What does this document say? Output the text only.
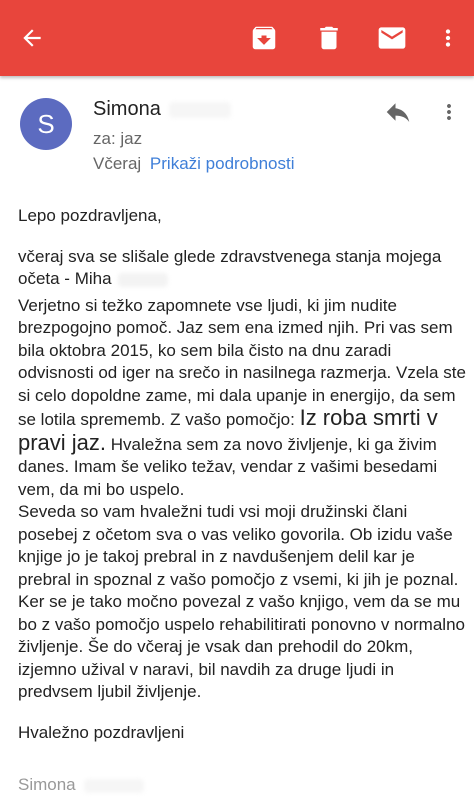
S	Simona
za: jaz
Včeraj Prikaži podrobnosti

Lepo pozdravljena,

včeraj sva se slišale glede zdravstvenega stanja mojega očeta - Miha

Verjetno si težko zapomnete vse ljudi, ki jim nudite brezpogojno pomoč. Jaz sem ena izmed njih. Pri vas sem bila oktobra 2015, ko sem bila čisto na dnu zaradi odvisnosti od iger na srečo in nasilnega razmerja. Vzela ste si celo dopoldne zame, mi dala upanje in energijo, da sem se lotila sprememb. Z vašo pomočjo: Iz roba smrti v pravi jaz. Hvaležna sem za novo življenje, ki ga živim danes. Imam še veliko težav, vendar z vašimi besedami vem, da mi bo uspelo.

Seveda so vam hvaležni tudi vsi moji družinski člani posebej z očetom sva o vas veliko govorila. Ob izidu vaše knjige jo je takoj prebral in z navdušenjem delil kar je prebral in spoznal z vašo pomočjo z vsemi, ki jih je poznal. Ker se je tako močno povezal z vašo knjigo, vem da se mu bo z vašo pomočjo uspelo rehabilitirati ponovno v normalno življenje. Še do včeraj je vsak dan prehodil do 20km, izjemno užival v naravi, bil navdih za druge ljudi in predvsem ljubil življenje.

Hvaležno pozdravljeni

Simona
